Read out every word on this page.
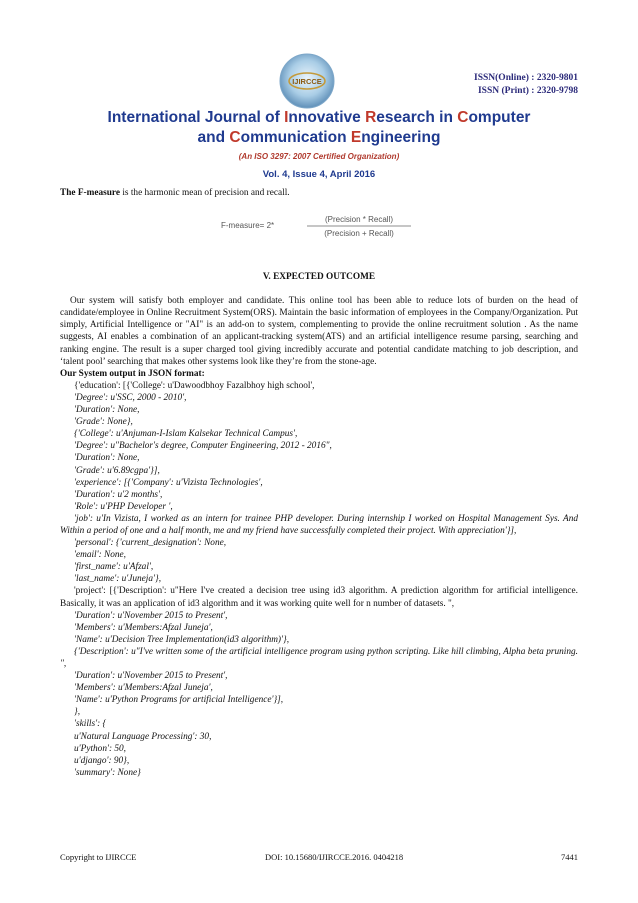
IJIRCCE	ISSN(Online) : 2320-9801
ISSN (Print) : 2320-9798
International Journal of Innovative Research in Computer
and Communication Engineering
(An ISO 3297: 2007 Certified Organization)
Vol. 4, Issue 4, April 2016

The F-measure is the harmonic mean of precision and recall.

F-measure= 2*
(Precision * Recall)
(Precision + Recall)
V. EXPECTED OUTCOME

Our system will satisfy both employer and candidate. This online tool has been able to reduce lots of burden on the head of candidate/employee in Online Recruitment System(ORS). Maintain the basic information of employees in the Company/Organization. Put simply, Artificial Intelligence or "AI" is an add-on to system, complementing to provide the online recruitment solution . As the name suggests, AI enables a combination of an applicant-tracking system(ATS) and an artificial intelligence resume parsing, searching and ranking engine. The result is a super charged tool giving incredibly accurate and potential candidate matching to job description, and ‘talent pool’ searching that makes other systems look like they’re from the stone-age.

Our System output in JSON format:

{'education': [{'College': u'Dawoodbhoy Fazalbhoy high school',
'Degree': u'SSC, 2000 - 2010',
'Duration': None,
'Grade': None},
{'College': u'Anjuman-I-Islam Kalsekar Technical Campus',
'Degree': u"Bachelor's degree, Computer Engineering, 2012 - 2016",
'Duration': None,
'Grade': u'6.89cgpa'}],
'experience': [{'Company': u'Vizista Technologies',
'Duration': u'2 months',
'Role': u'PHP Developer ',
'job': u'In Vizista, I worked as an intern for trainee PHP developer. During internship I worked on Hospital Management Sys. And Within a period of one and a half month, me and my friend have successfully completed their project. With appreciation'}],
'personal': {'current_designation': None,
'email': None,
'first_name': u'Afzal',
'last_name': u'Juneja'},
'project': [{'Description': u"Here I've created a decision tree using id3 algorithm. A prediction algorithm for artificial intelligence. Basically, it was an application of id3 algorithm and it was working quite well for n number of datasets. ",
'Duration': u'November 2015 to Present',
'Members': u'Members:Afzal Juneja',
'Name': u'Decision Tree Implementation(id3 algorithm)'},
{'Description': u"I've written some of the artificial intelligence program using python scripting. Like hill climbing, Alpha beta pruning. ",
'Duration': u'November 2015 to Present',
'Members': u'Members:Afzal Juneja',
'Name': u'Python Programs for artificial Intelligence'}],
},
'skills': {
u'Natural Language Processing': 30,
u'Python': 50,
u'django': 90},
'summary': None}
Copyright to IJIRCCE	DOI: 10.15680/IJIRCCE.2016. 0404218	7441
